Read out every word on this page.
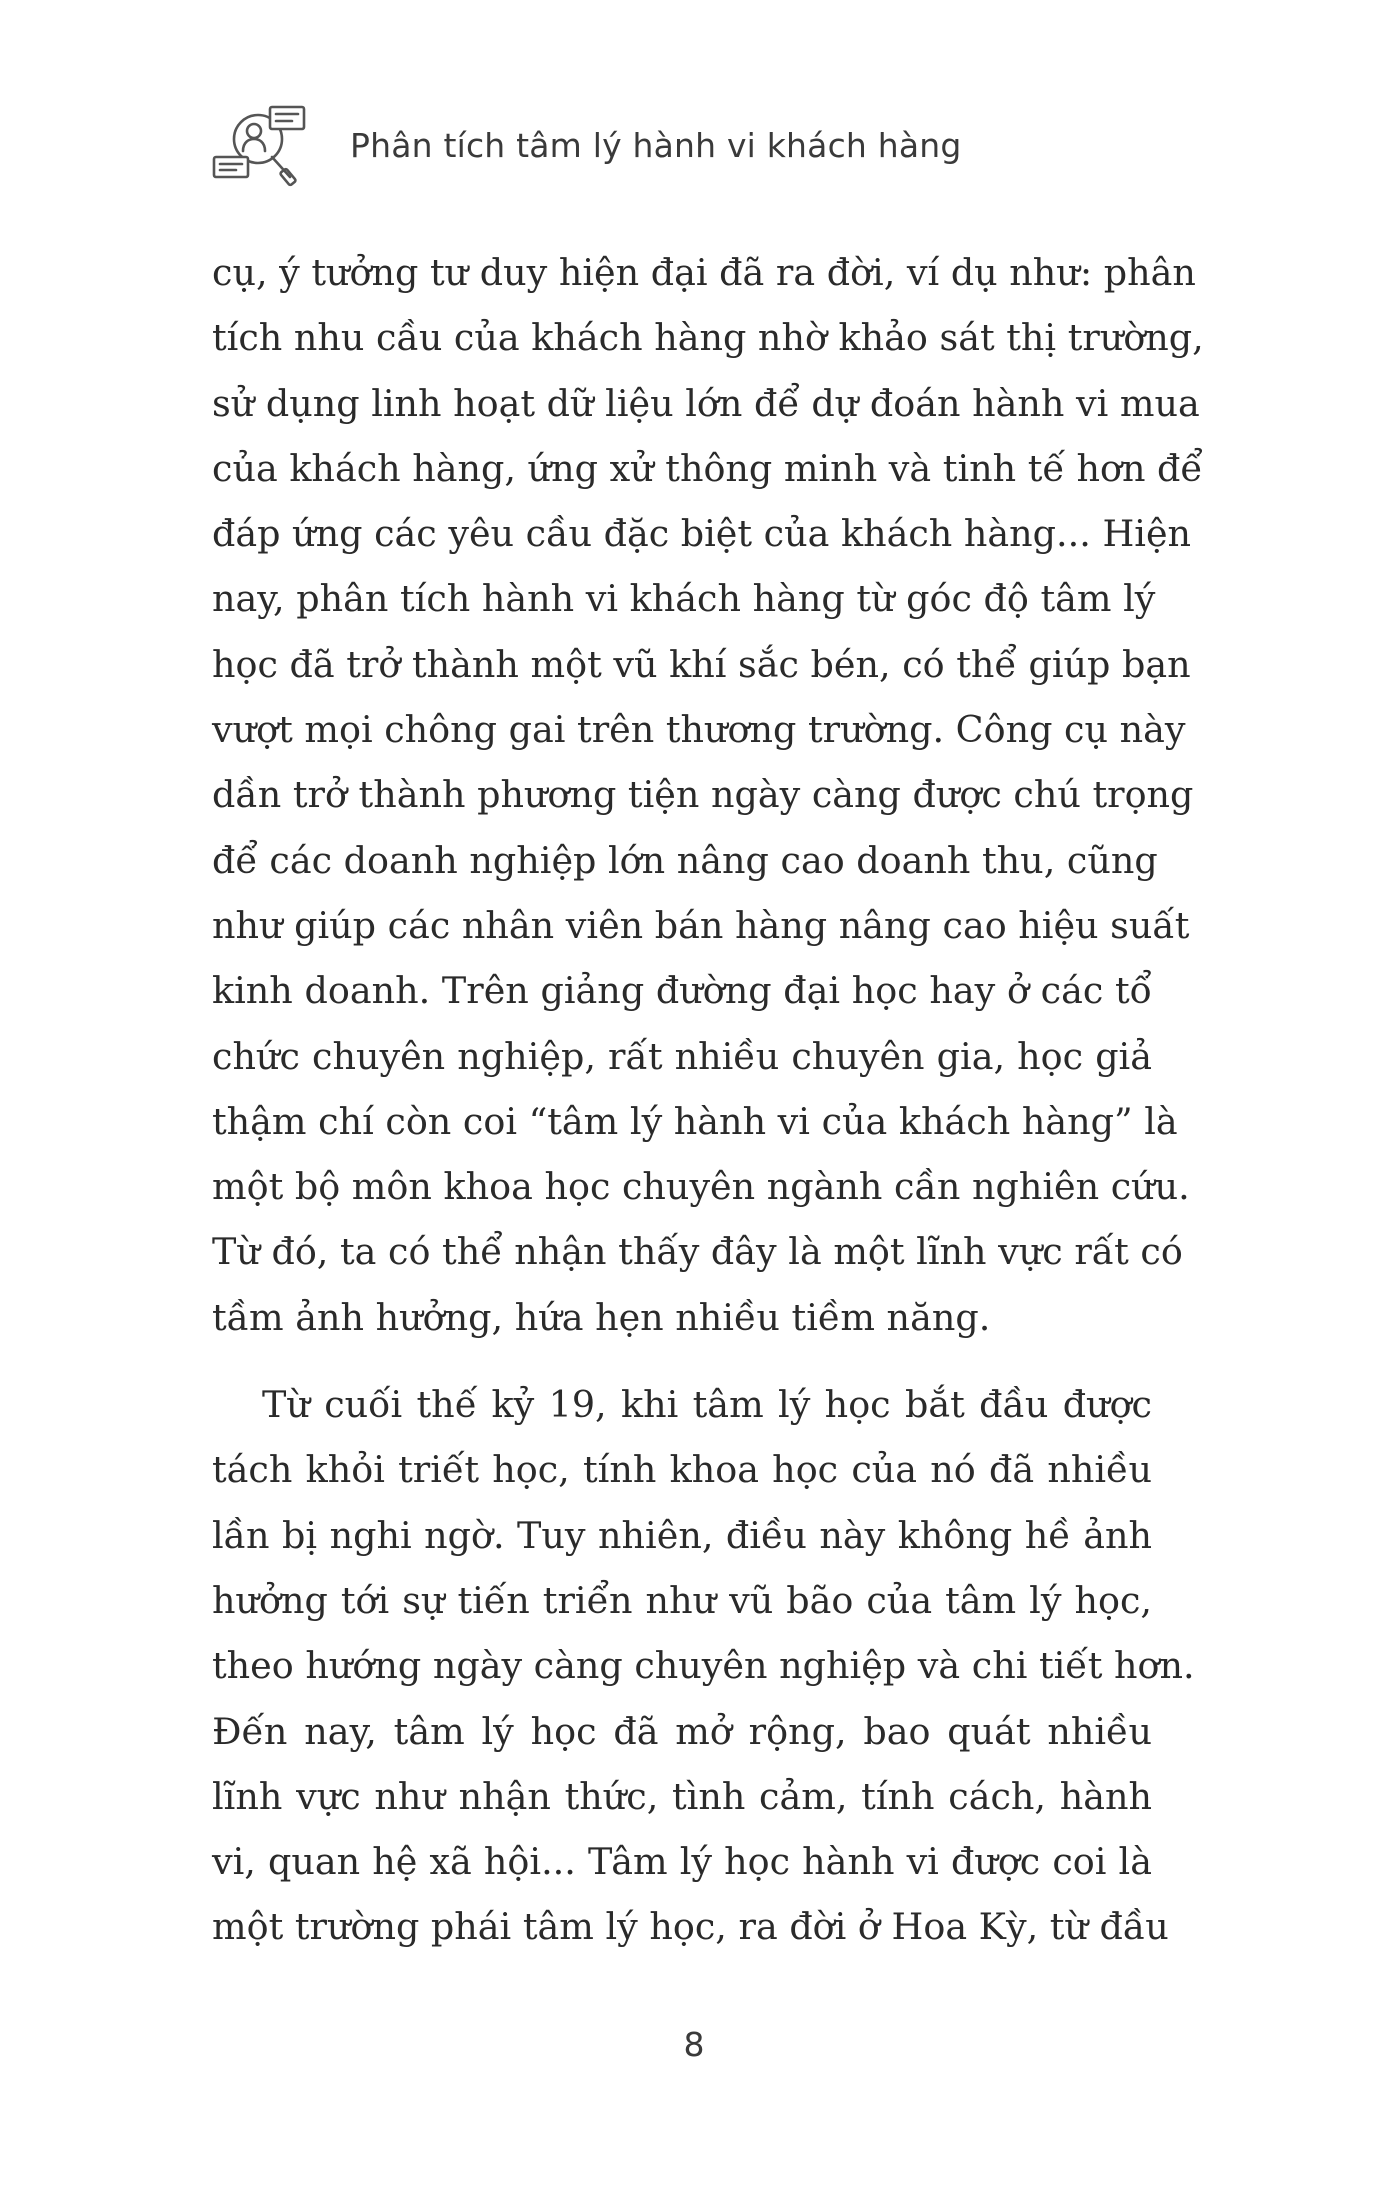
Phân tích tâm lý hành vi khách hàng

cụ, ý tưởng tư duy hiện đại đã ra đời, ví dụ như: phân
tích nhu cầu của khách hàng nhờ khảo sát thị trường,
sử dụng linh hoạt dữ liệu lớn để dự đoán hành vi mua
của khách hàng, ứng xử thông minh và tinh tế hơn để
đáp ứng các yêu cầu đặc biệt của khách hàng... Hiện
nay, phân tích hành vi khách hàng từ góc độ tâm lý
học đã trở thành một vũ khí sắc bén, có thể giúp bạn
vượt mọi chông gai trên thương trường. Công cụ này
dần trở thành phương tiện ngày càng được chú trọng
để các doanh nghiệp lớn nâng cao doanh thu, cũng
như giúp các nhân viên bán hàng nâng cao hiệu suất
kinh doanh. Trên giảng đường đại học hay ở các tổ
chức chuyên nghiệp, rất nhiều chuyên gia, học giả
thậm chí còn coi “tâm lý hành vi của khách hàng” là
một bộ môn khoa học chuyên ngành cần nghiên cứu.
Từ đó, ta có thể nhận thấy đây là một lĩnh vực rất có
tầm ảnh hưởng, hứa hẹn nhiều tiềm năng.

Từ cuối thế kỷ 19, khi tâm lý học bắt đầu được
tách khỏi triết học, tính khoa học của nó đã nhiều
lần bị nghi ngờ. Tuy nhiên, điều này không hề ảnh
hưởng tới sự tiến triển như vũ bão của tâm lý học,
theo hướng ngày càng chuyên nghiệp và chi tiết hơn.
Đến nay, tâm lý học đã mở rộng, bao quát nhiều
lĩnh vực như nhận thức, tình cảm, tính cách, hành
vi, quan hệ xã hội... Tâm lý học hành vi được coi là
một trường phái tâm lý học, ra đời ở Hoa Kỳ, từ đầu

8
